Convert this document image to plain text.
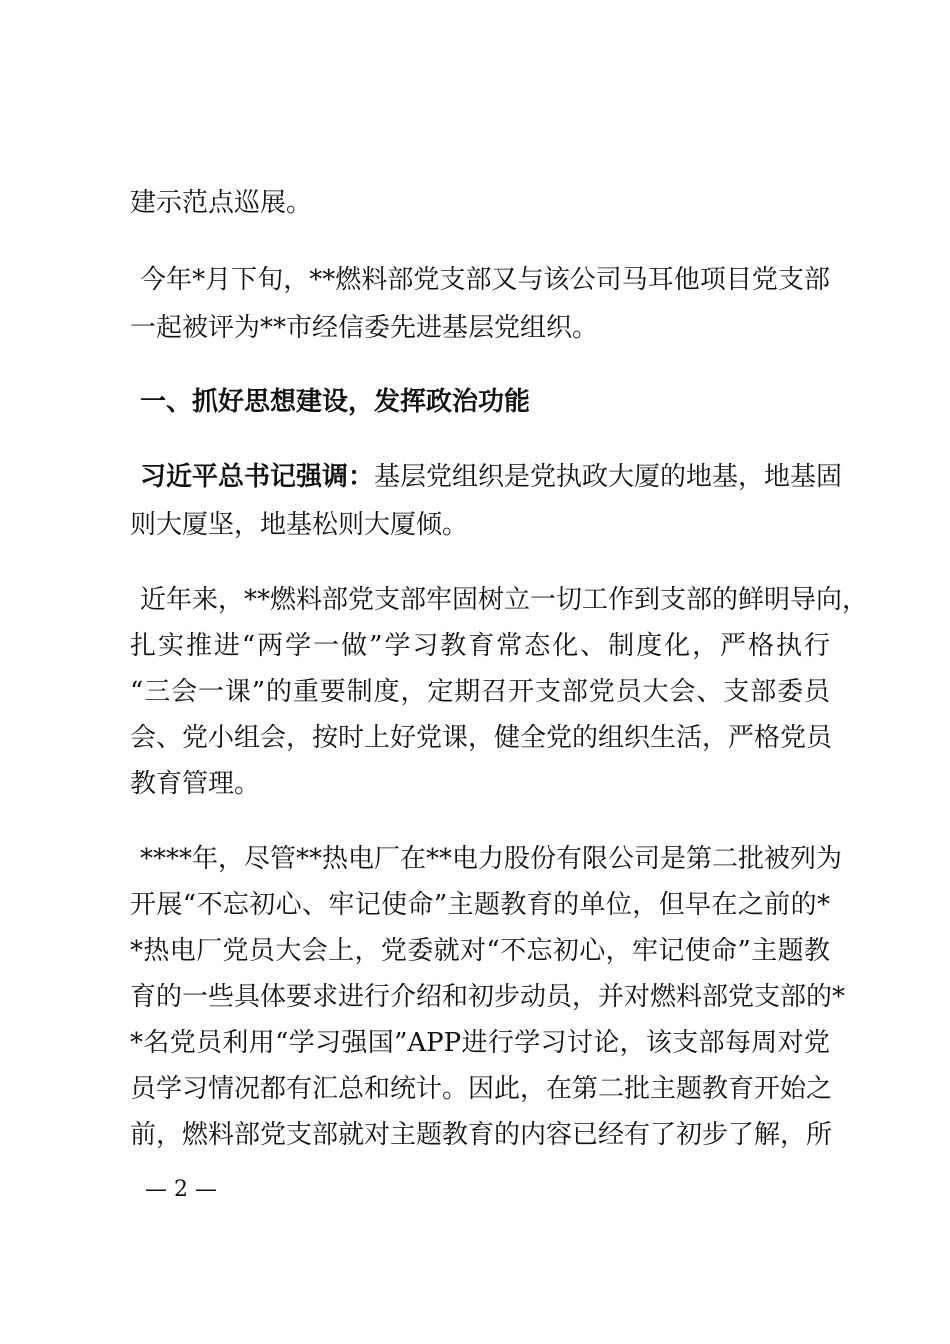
建示范点巡展。
今年*月下旬，**燃料部党支部又与该公司马耳他项目党支部
一起被评为**市经信委先进基层党组织。
一、抓好思想建设，发挥政治功能
习近平总书记强调：基层党组织是党执政大厦的地基，地基固
则大厦坚，地基松则大厦倾。
近年来，**燃料部党支部牢固树立一切工作到支部的鲜明导向，
扎实推进“两学一做”学习教育常态化、制度化，严格执行
“三会一课”的重要制度，定期召开支部党员大会、支部委员
会、党小组会，按时上好党课，健全党的组织生活，严格党员
教育管理。
****年，尽管**热电厂在**电力股份有限公司是第二批被列为
开展“不忘初心、牢记使命”主题教育的单位，但早在之前的*
*热电厂党员大会上，党委就对“不忘初心，牢记使命”主题教
育的一些具体要求进行介绍和初步动员，并对燃料部党支部的*
*名党员利用“学习强国”APP进行学习讨论，该支部每周对党
员学习情况都有汇总和统计。因此，在第二批主题教育开始之
前，燃料部党支部就对主题教育的内容已经有了初步了解，所
— 2 —
